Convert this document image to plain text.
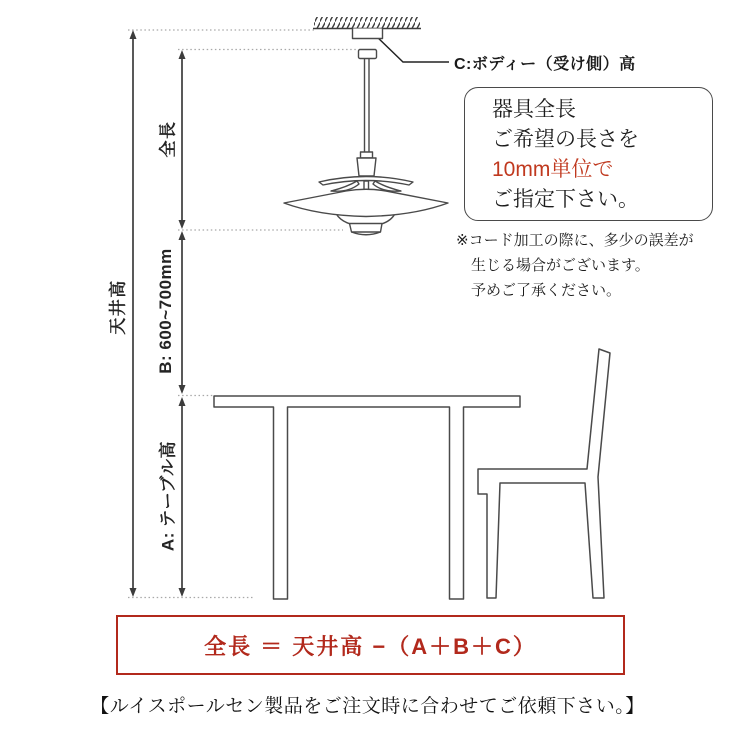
天井高
全長
B: 600~700mm
A: テーブル高
C:ボディー（受け側）高
器具全長
ご希望の長さを
10mm単位で
ご指定下さい。
※コード加工の際に、多少の誤差が
生じる場合がございます。
予めご了承ください。
全長 ＝ 天井高 −（A＋B＋C）
【ルイスポールセン製品をご注文時に合わせてご依頼下さい。】
